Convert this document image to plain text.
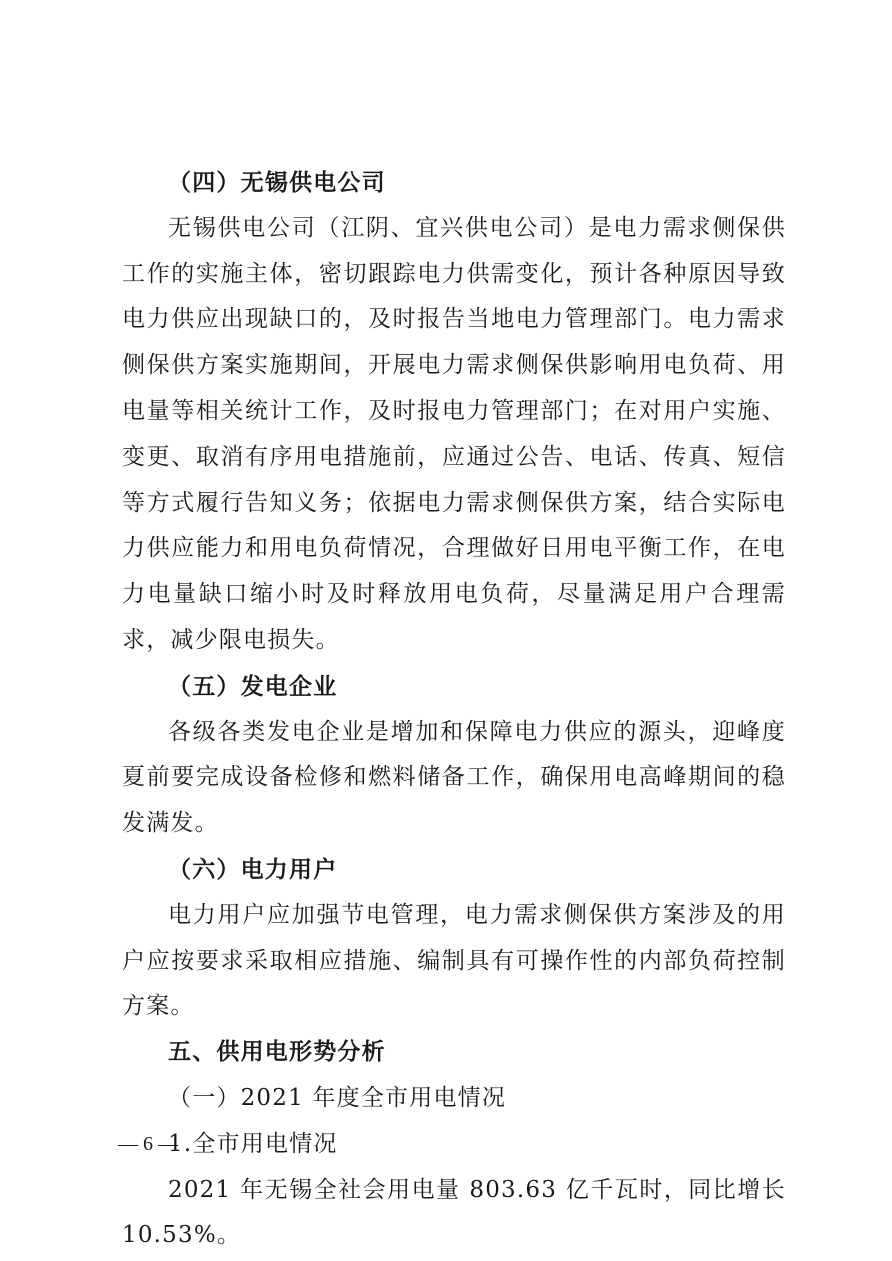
（四）无锡供电公司

无锡供电公司（江阴、宜兴供电公司）是电力需求侧保供工作的实施主体，密切跟踪电力供需变化，预计各种原因导致电力供应出现缺口的，及时报告当地电力管理部门。电力需求侧保供方案实施期间，开展电力需求侧保供影响用电负荷、用电量等相关统计工作，及时报电力管理部门；在对用户实施、变更、取消有序用电措施前，应通过公告、电话、传真、短信等方式履行告知义务；依据电力需求侧保供方案，结合实际电力供应能力和用电负荷情况，合理做好日用电平衡工作，在电力电量缺口缩小时及时释放用电负荷，尽量满足用户合理需求，减少限电损失。

（五）发电企业

各级各类发电企业是增加和保障电力供应的源头，迎峰度夏前要完成设备检修和燃料储备工作，确保用电高峰期间的稳发满发。

（六）电力用户

电力用户应加强节电管理，电力需求侧保供方案涉及的用户应按要求采取相应措施、编制具有可操作性的内部负荷控制方案。

五、供用电形势分析

（一）2021 年度全市用电情况

1.全市用电情况

2021 年无锡全社会用电量 803.63 亿千瓦时，同比增长10.53%。

— 6 —
